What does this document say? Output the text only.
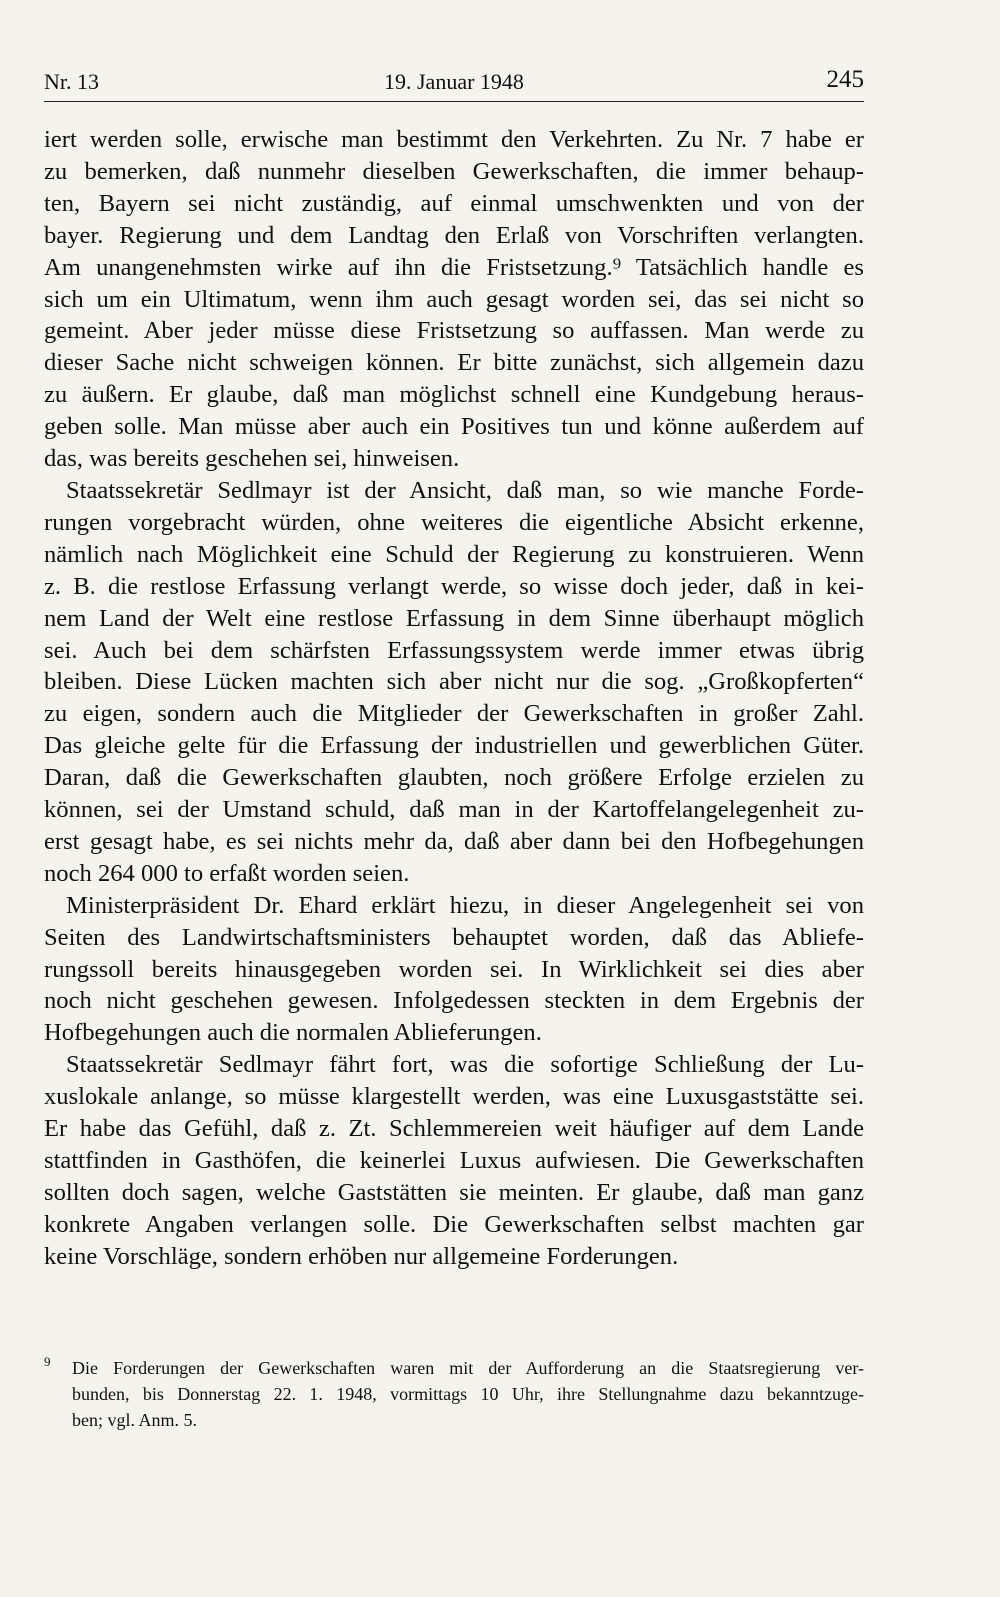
Nr. 13	19. Januar 1948	245
iert werden solle, erwische man bestimmt den Verkehrten. Zu Nr. 7 habe er
zu bemerken, daß nunmehr dieselben Gewerkschaften, die immer behaup-
ten, Bayern sei nicht zuständig, auf einmal umschwenkten und von der
bayer. Regierung und dem Landtag den Erlaß von Vorschriften verlangten.
Am unangenehmsten wirke auf ihn die Fristsetzung.⁹ Tatsächlich handle es
sich um ein Ultimatum, wenn ihm auch gesagt worden sei, das sei nicht so
gemeint. Aber jeder müsse diese Fristsetzung so auffassen. Man werde zu
dieser Sache nicht schweigen können. Er bitte zunächst, sich allgemein dazu
zu äußern. Er glaube, daß man möglichst schnell eine Kundgebung heraus-
geben solle. Man müsse aber auch ein Positives tun und könne außerdem auf
das, was bereits geschehen sei, hinweisen.
Staatssekretär Sedlmayr ist der Ansicht, daß man, so wie manche Forde-
rungen vorgebracht würden, ohne weiteres die eigentliche Absicht erkenne,
nämlich nach Möglichkeit eine Schuld der Regierung zu konstruieren. Wenn
z. B. die restlose Erfassung verlangt werde, so wisse doch jeder, daß in kei-
nem Land der Welt eine restlose Erfassung in dem Sinne überhaupt möglich
sei. Auch bei dem schärfsten Erfassungssystem werde immer etwas übrig
bleiben. Diese Lücken machten sich aber nicht nur die sog. „Großkopferten“
zu eigen, sondern auch die Mitglieder der Gewerkschaften in großer Zahl.
Das gleiche gelte für die Erfassung der industriellen und gewerblichen Güter.
Daran, daß die Gewerkschaften glaubten, noch größere Erfolge erzielen zu
können, sei der Umstand schuld, daß man in der Kartoffelangelegenheit zu-
erst gesagt habe, es sei nichts mehr da, daß aber dann bei den Hofbegehungen
noch 264 000 to erfaßt worden seien.
Ministerpräsident Dr. Ehard erklärt hiezu, in dieser Angelegenheit sei von
Seiten des Landwirtschaftsministers behauptet worden, daß das Abliefe-
rungssoll bereits hinausgegeben worden sei. In Wirklichkeit sei dies aber
noch nicht geschehen gewesen. Infolgedessen steckten in dem Ergebnis der
Hofbegehungen auch die normalen Ablieferungen.
Staatssekretär Sedlmayr fährt fort, was die sofortige Schließung der Lu-
xuslokale anlange, so müsse klargestellt werden, was eine Luxusgaststätte sei.
Er habe das Gefühl, daß z. Zt. Schlemmereien weit häufiger auf dem Lande
stattfinden in Gasthöfen, die keinerlei Luxus aufwiesen. Die Gewerkschaften
sollten doch sagen, welche Gaststätten sie meinten. Er glaube, daß man ganz
konkrete Angaben verlangen solle. Die Gewerkschaften selbst machten gar
keine Vorschläge, sondern erhöben nur allgemeine Forderungen.
9 Die Forderungen der Gewerkschaften waren mit der Aufforderung an die Staatsregierung ver-
bunden, bis Donnerstag 22. 1. 1948, vormittags 10 Uhr, ihre Stellungnahme dazu bekanntzuge-
ben; vgl. Anm. 5.
